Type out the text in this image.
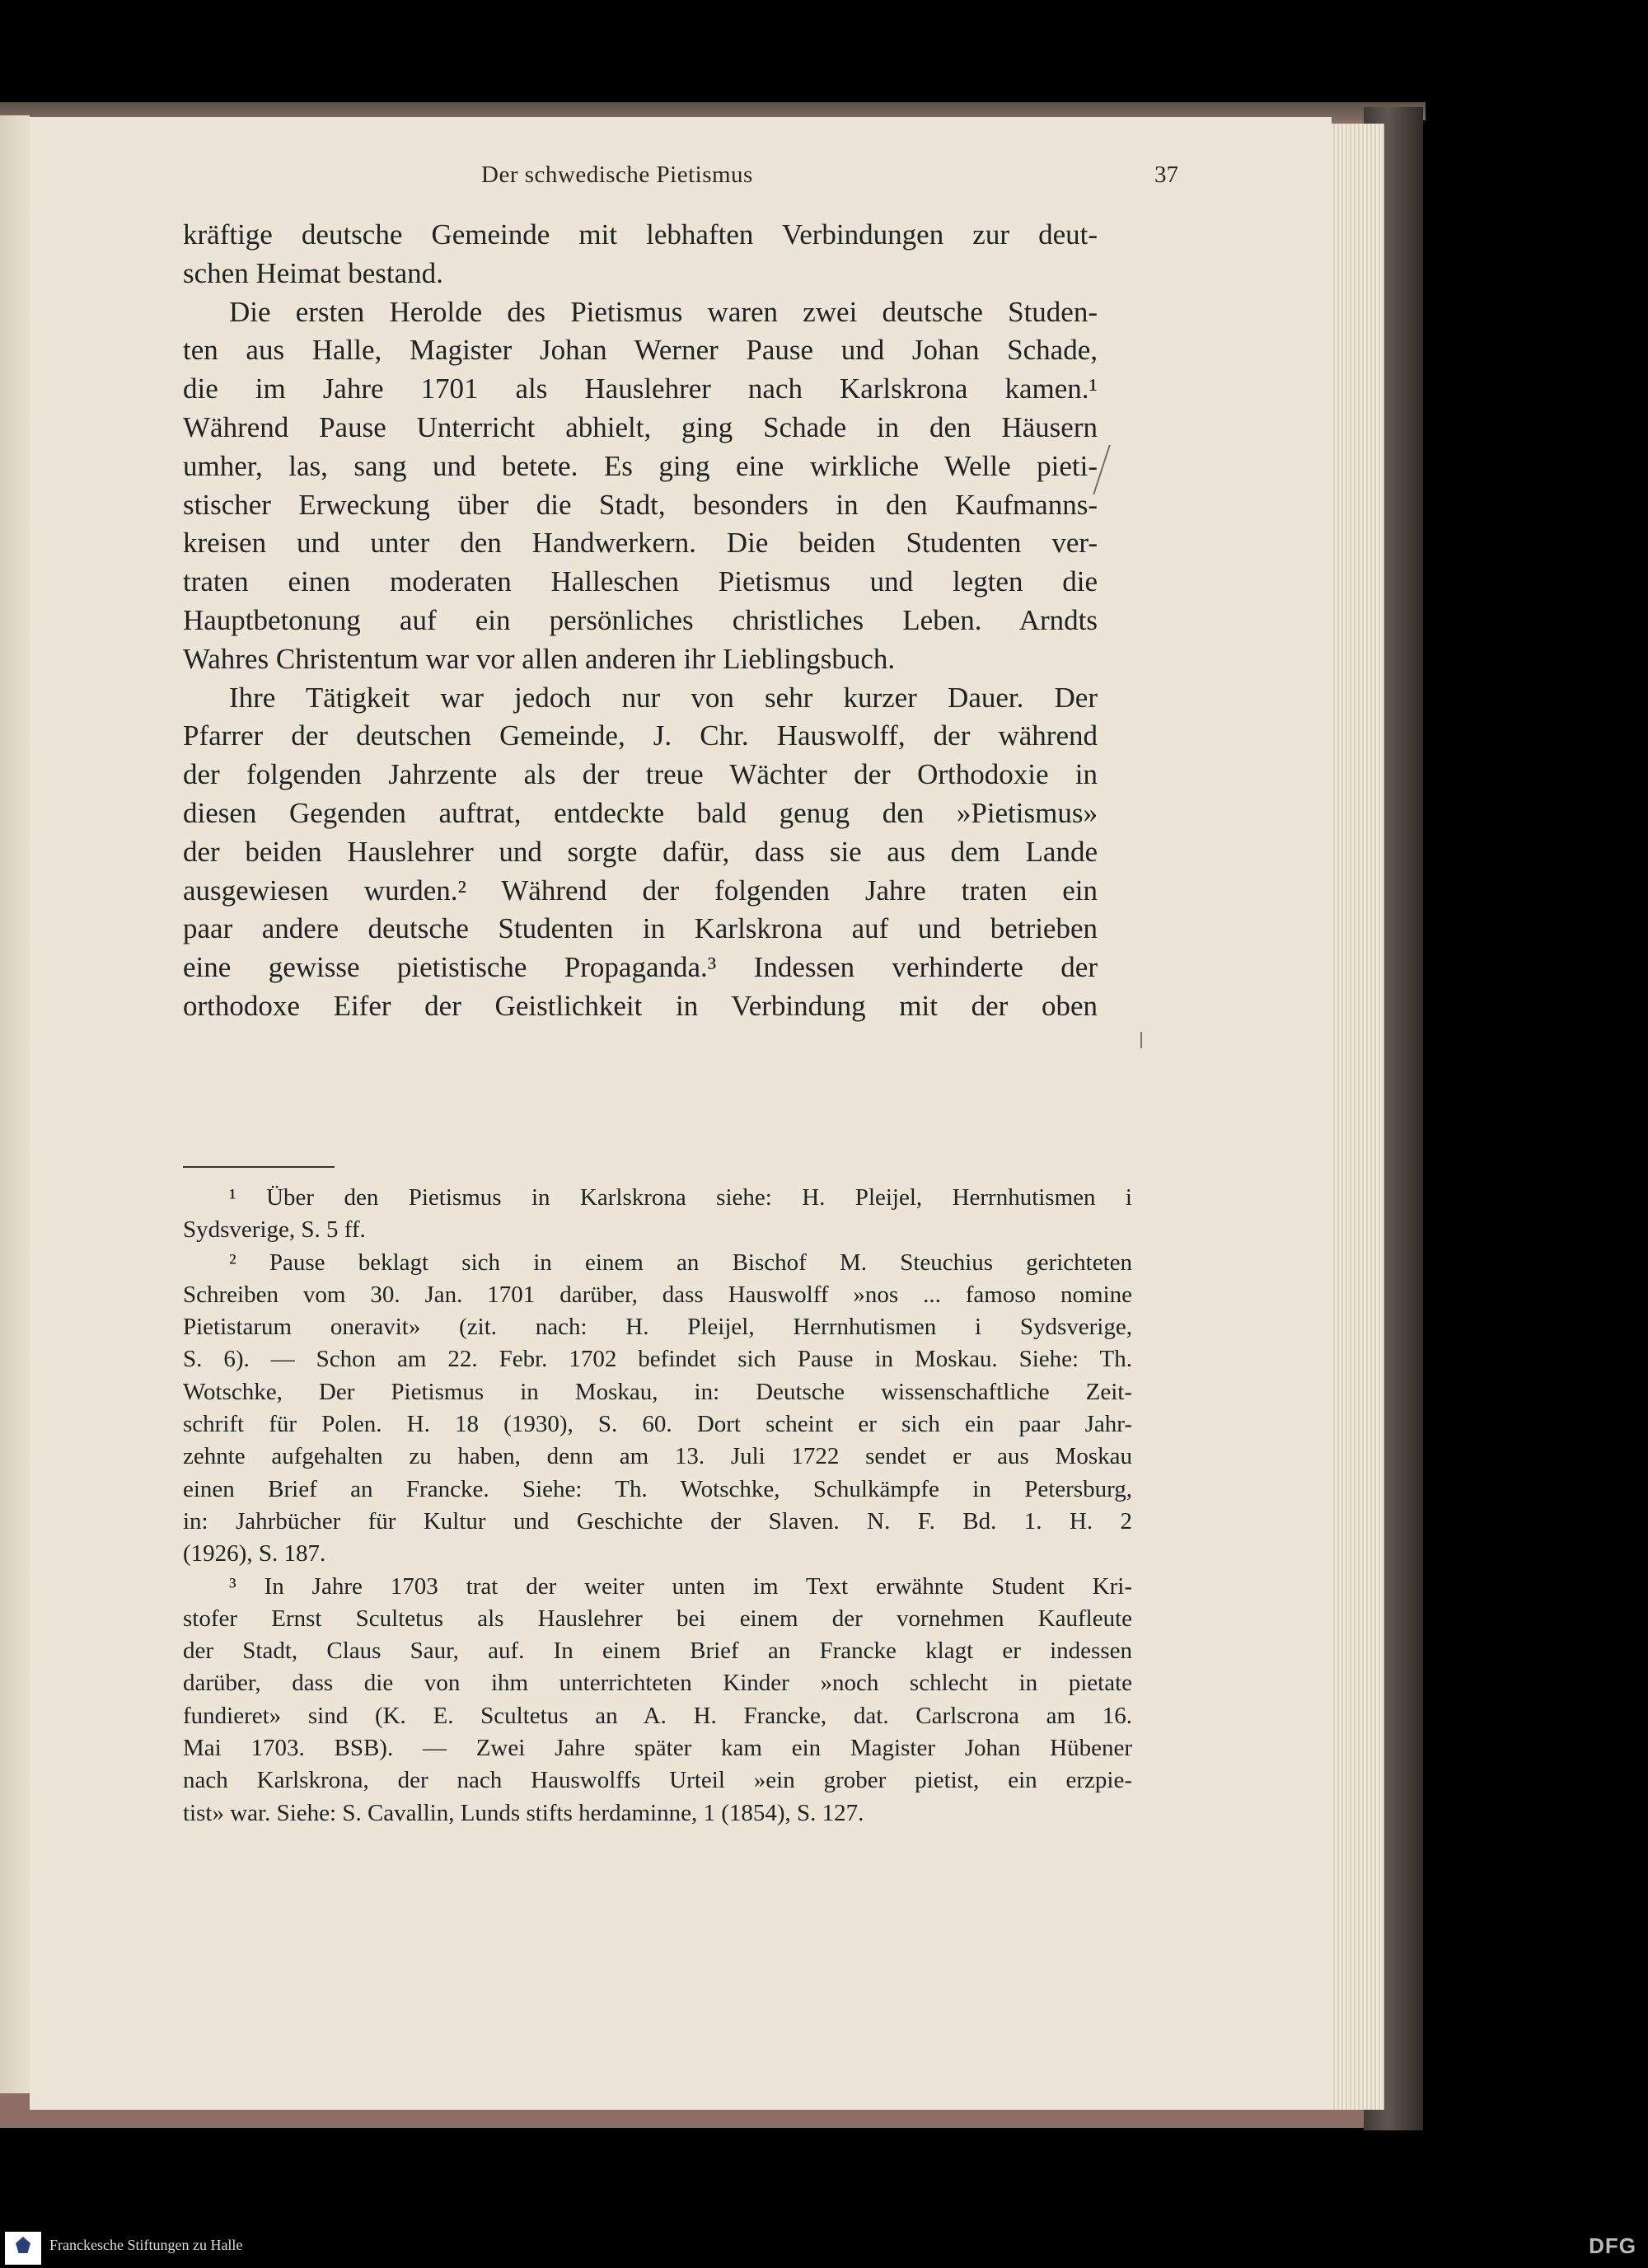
Der schwedische Pietismus	37
kräftige deutsche Gemeinde mit lebhaften Verbindungen zur deut-
schen Heimat bestand.
Die ersten Herolde des Pietismus waren zwei deutsche Studen-
ten aus Halle, Magister Johan Werner Pause und Johan Schade,
die im Jahre 1701 als Hauslehrer nach Karlskrona kamen.¹
Während Pause Unterricht abhielt, ging Schade in den Häusern
umher, las, sang und betete. Es ging eine wirkliche Welle pieti-
stischer Erweckung über die Stadt, besonders in den Kaufmanns-
kreisen und unter den Handwerkern. Die beiden Studenten ver-
traten einen moderaten Halleschen Pietismus und legten die
Hauptbetonung auf ein persönliches christliches Leben. Arndts
Wahres Christentum war vor allen anderen ihr Lieblingsbuch.
Ihre Tätigkeit war jedoch nur von sehr kurzer Dauer. Der
Pfarrer der deutschen Gemeinde, J. Chr. Hauswolff, der während
der folgenden Jahrzente als der treue Wächter der Orthodoxie in
diesen Gegenden auftrat, entdeckte bald genug den »Pietismus»
der beiden Hauslehrer und sorgte dafür, dass sie aus dem Lande
ausgewiesen wurden.² Während der folgenden Jahre traten ein
paar andere deutsche Studenten in Karlskrona auf und betrieben
eine gewisse pietistische Propaganda.³ Indessen verhinderte der
orthodoxe Eifer der Geistlichkeit in Verbindung mit der oben
¹ Über den Pietismus in Karlskrona siehe: H. Pleijel, Herrnhutismen i
Sydsverige, S. 5 ff.
² Pause beklagt sich in einem an Bischof M. Steuchius gerichteten
Schreiben vom 30. Jan. 1701 darüber, dass Hauswolff »nos ... famoso nomine
Pietistarum oneravit» (zit. nach: H. Pleijel, Herrnhutismen i Sydsverige,
S. 6). — Schon am 22. Febr. 1702 befindet sich Pause in Moskau. Siehe: Th.
Wotschke, Der Pietismus in Moskau, in: Deutsche wissenschaftliche Zeit-
schrift für Polen. H. 18 (1930), S. 60. Dort scheint er sich ein paar Jahr-
zehnte aufgehalten zu haben, denn am 13. Juli 1722 sendet er aus Moskau
einen Brief an Francke. Siehe: Th. Wotschke, Schulkämpfe in Petersburg,
in: Jahrbücher für Kultur und Geschichte der Slaven. N. F. Bd. 1. H. 2
(1926), S. 187.
³ In Jahre 1703 trat der weiter unten im Text erwähnte Student Kri-
stofer Ernst Scultetus als Hauslehrer bei einem der vornehmen Kaufleute
der Stadt, Claus Saur, auf. In einem Brief an Francke klagt er indessen
darüber, dass die von ihm unterrichteten Kinder »noch schlecht in pietate
fundieret» sind (K. E. Scultetus an A. H. Francke, dat. Carlscrona am 16.
Mai 1703. BSB). — Zwei Jahre später kam ein Magister Johan Hübener
nach Karlskrona, der nach Hauswolffs Urteil »ein grober pietist, ein erzpie-
tist» war. Siehe: S. Cavallin, Lunds stifts herdaminne, 1 (1854), S. 127.
Franckesche Stiftungen zu Halle	DFG
